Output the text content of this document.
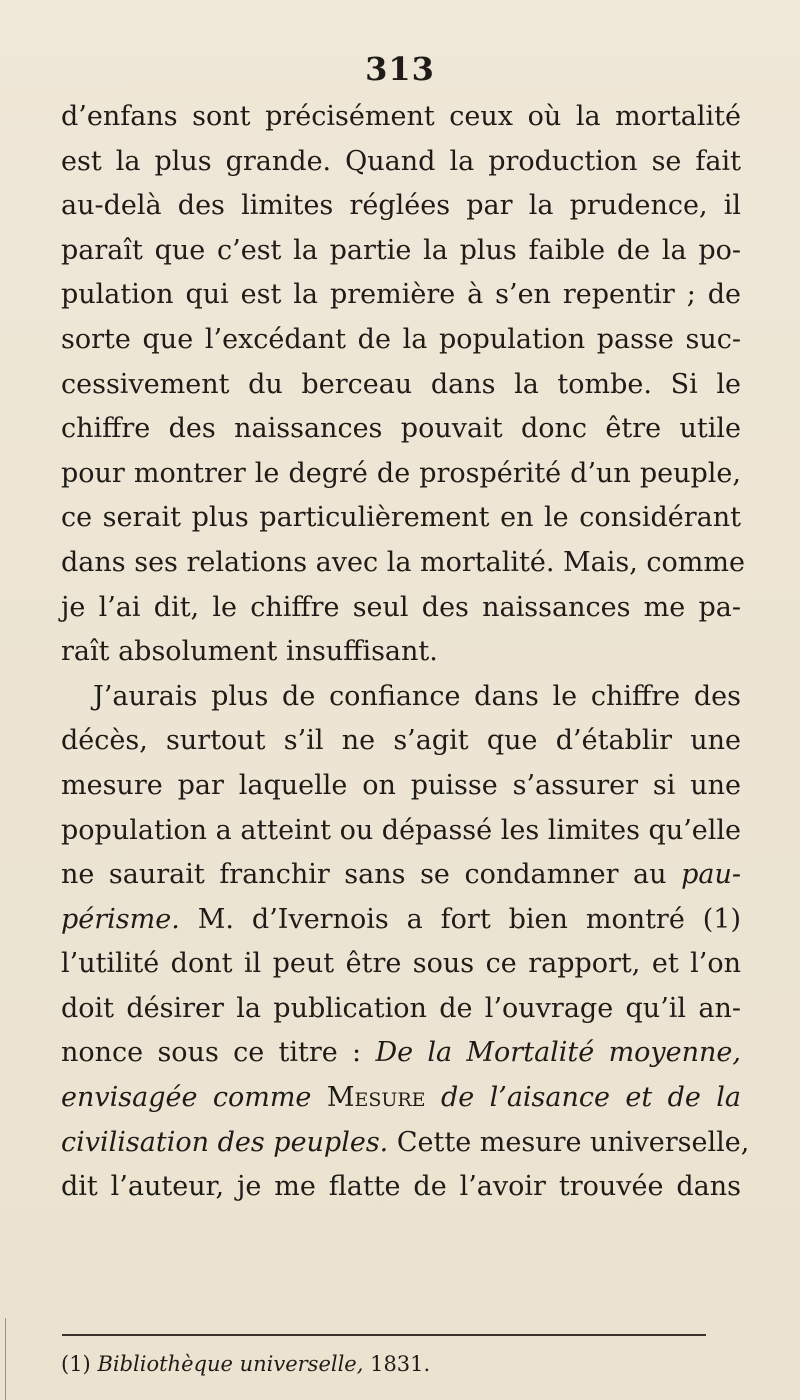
313
d’enfans sont précisément ceux où la mortalité
est la plus grande. Quand la production se fait
au-delà des limites réglées par la prudence, il
paraît que c’est la partie la plus faible de la po-
pulation qui est la première à s’en repentir ; de
sorte que l’excédant de la population passe suc-
cessivement du berceau dans la tombe. Si le
chiffre des naissances pouvait donc être utile
pour montrer le degré de prospérité d’un peuple,
ce serait plus particulièrement en le considérant
dans ses relations avec la mortalité. Mais, comme
je l’ai dit, le chiffre seul des naissances me pa-
raît absolument insuffisant.
J’aurais plus de confiance dans le chiffre des
décès, surtout s’il ne s’agit que d’établir une
mesure par laquelle on puisse s’assurer si une
population a atteint ou dépassé les limites qu’elle
ne saurait franchir sans se condamner au pau-
périsme. M. d’Ivernois a fort bien montré (1)
l’utilité dont il peut être sous ce rapport, et l’on
doit désirer la publication de l’ouvrage qu’il an-
nonce sous ce titre : De la Mortalité moyenne,
envisagée comme Mesure de l’aisance et de la
civilisation des peuples. Cette mesure universelle,
dit l’auteur, je me flatte de l’avoir trouvée dans
(1) Bibliothèque universelle, 1831.
